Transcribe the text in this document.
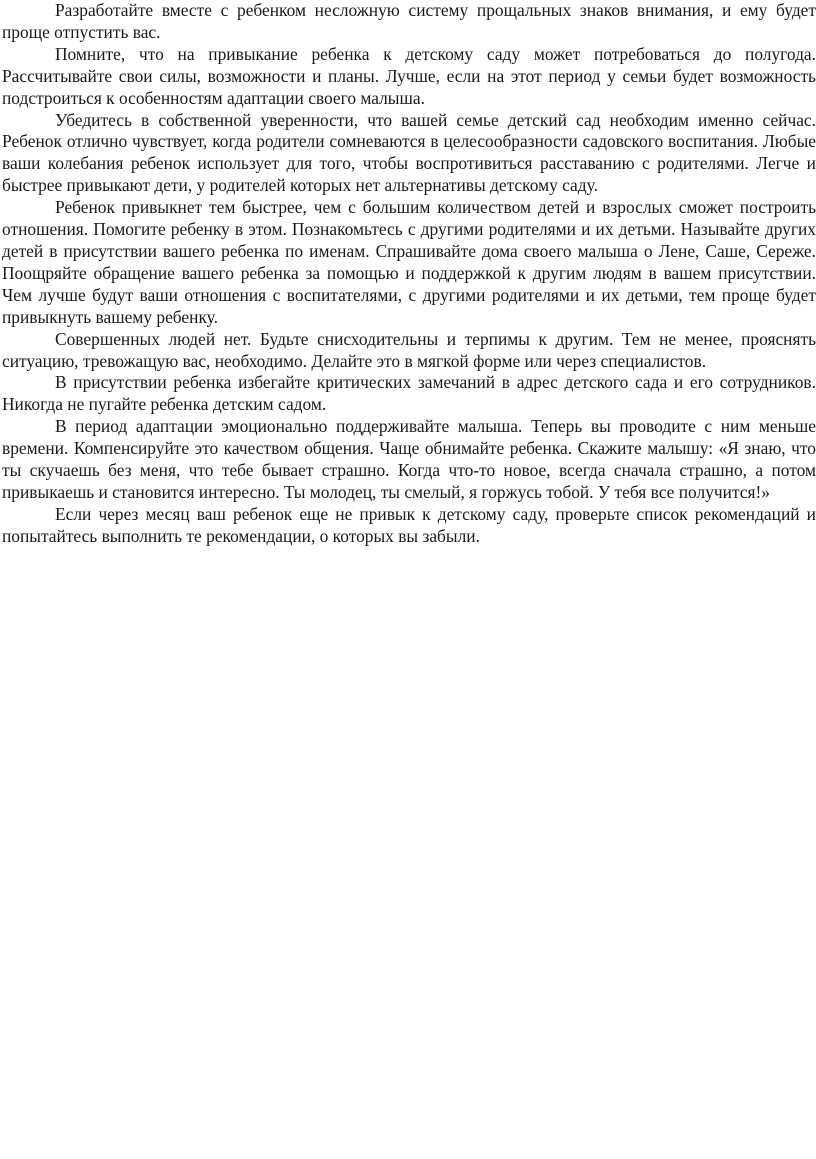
Разработайте вместе с ребенком несложную систему прощальных знаков внимания, и ему будет проще отпустить вас.

Помните, что на привыкание ребенка к детскому саду может потребоваться до полугода. Рассчитывайте свои силы, возможности и планы. Лучше, если на этот период у семьи будет возможность подстроиться к особенностям адаптации своего малыша.

Убедитесь в собственной уверенности, что вашей семье детский сад необходим именно сейчас. Ребенок отлично чувствует, когда родители сомневаются в целесообразности садовского воспитания. Любые ваши колебания ребенок использует для того, чтобы воспротивиться расставанию с родителями. Легче и быстрее привыкают дети, у родителей которых нет альтернативы детскому саду.

Ребенок привыкнет тем быстрее, чем с большим количеством детей и взрослых сможет построить отношения. Помогите ребенку в этом. Познакомьтесь с другими родителями и их детьми. Называйте других детей в присутствии вашего ребенка по именам. Спрашивайте дома своего малыша о Лене, Саше, Сереже. Поощряйте обращение вашего ребенка за помощью и поддержкой к другим людям в вашем присутствии. Чем лучше будут ваши отношения с воспитателями, с другими родителями и их детьми, тем проще будет привыкнуть вашему ребенку.

Совершенных людей нет. Будьте снисходительны и терпимы к другим. Тем не менее, прояснять ситуацию, тревожащую вас, необходимо. Делайте это в мягкой форме или через специалистов.

В присутствии ребенка избегайте критических замечаний в адрес детского сада и его сотрудников. Никогда не пугайте ребенка детским садом.

В период адаптации эмоционально поддерживайте малыша. Теперь вы проводите с ним меньше времени. Компенсируйте это качеством общения. Чаще обнимайте ребенка. Скажите малышу: «Я знаю, что ты скучаешь без меня, что тебе бывает страшно. Когда что-то новое, всегда сначала страшно, а потом привыкаешь и становится интересно. Ты молодец, ты смелый, я горжусь тобой. У тебя все получится!»

Если через месяц ваш ребенок еще не привык к детскому саду, проверьте список рекомендаций и попытайтесь выполнить те рекомендации, о которых вы забыли.
